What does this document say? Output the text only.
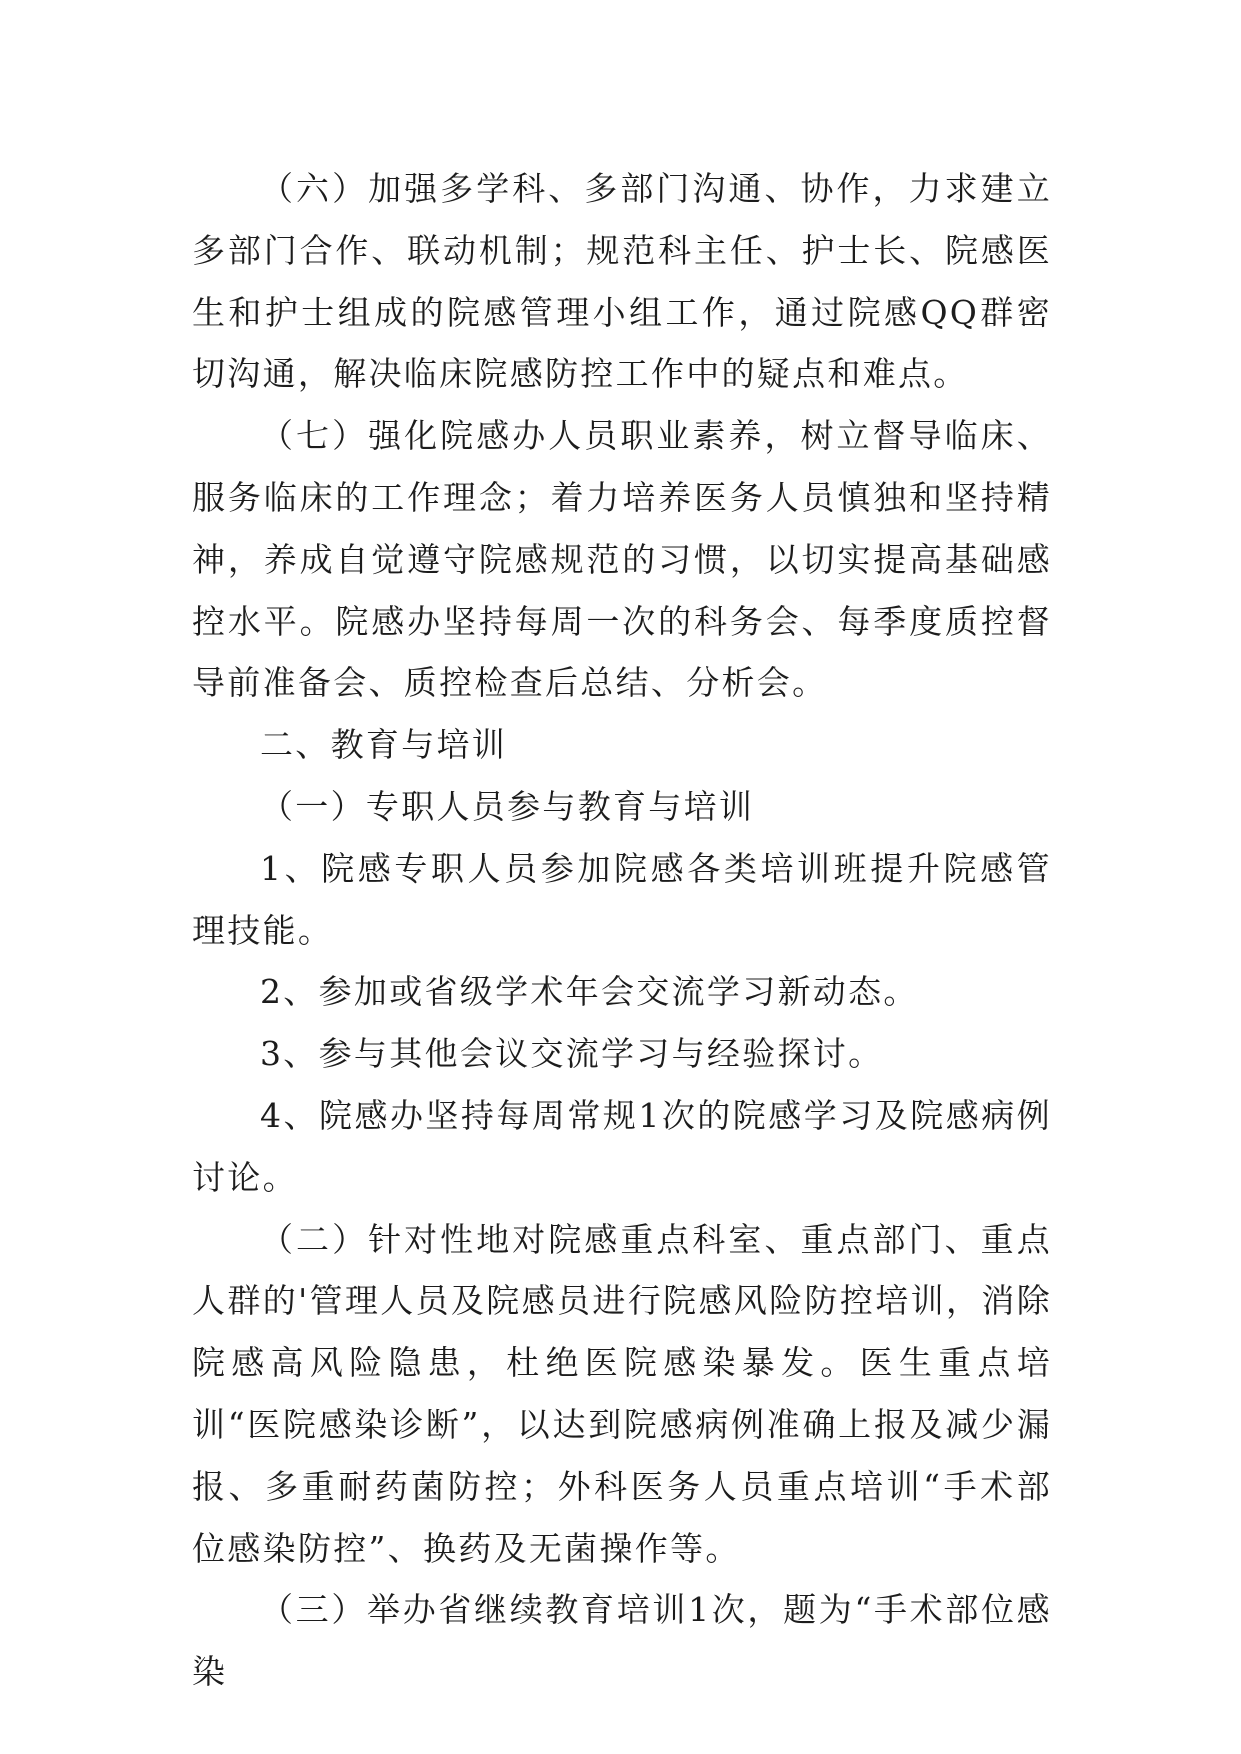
（六）加强多学科、多部门沟通、协作，力求建立多部门合作、联动机制；规范科主任、护士长、院感医生和护士组成的院感管理小组工作，通过院感QQ群密切沟通，解决临床院感防控工作中的疑点和难点。

（七）强化院感办人员职业素养，树立督导临床、服务临床的工作理念；着力培养医务人员慎独和坚持精神，养成自觉遵守院感规范的习惯，以切实提高基础感控水平。院感办坚持每周一次的科务会、每季度质控督导前准备会、质控检查后总结、分析会。

二、教育与培训

（一）专职人员参与教育与培训

1、院感专职人员参加院感各类培训班提升院感管理技能。

2、参加或省级学术年会交流学习新动态。

3、参与其他会议交流学习与经验探讨。

4、院感办坚持每周常规1次的院感学习及院感病例讨论。

（二）针对性地对院感重点科室、重点部门、重点人群的'管理人员及院感员进行院感风险防控培训，消除院感高风险隐患，杜绝医院感染暴发。医生重点培训“医院感染诊断”，以达到院感病例准确上报及减少漏报、多重耐药菌防控；外科医务人员重点培训“手术部位感染防控”、换药及无菌操作等。

（三）举办省继续教育培训1次，题为“手术部位感染
